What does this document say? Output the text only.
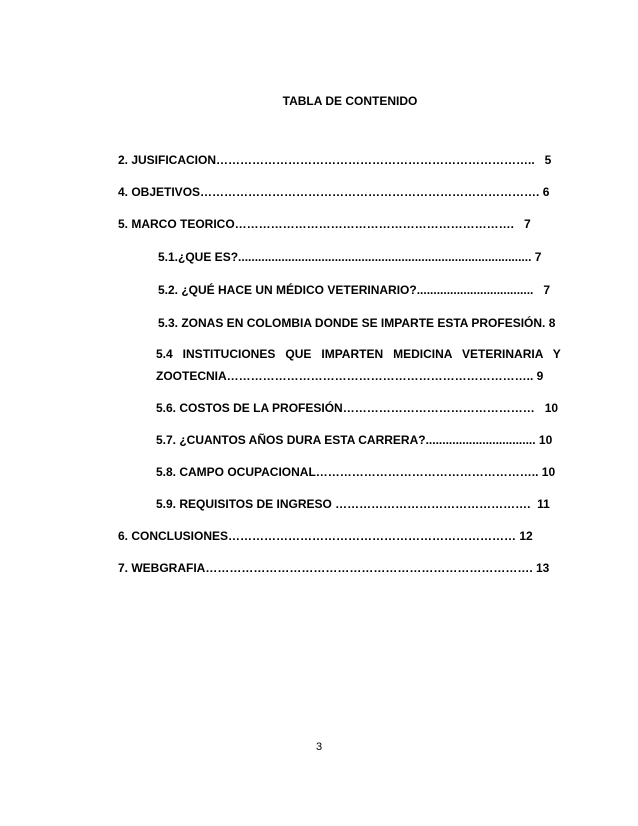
TABLA DE CONTENIDO
2. JUSIFICACION……………………………………………………………………..   5
4. OBJETIVOS…………………………………………………………………………. 6
5. MARCO TEORICO…………………………………………………………….   7
5.1.¿QUE ES?........................................................................................ 7
5.2. ¿QUÉ HACE UN MÉDICO VETERINARIO?...................................   7
5.3. ZONAS EN COLOMBIA DONDE SE IMPARTE ESTA PROFESIÓN. 8
5.4   INSTITUCIONES   QUE   IMPARTEN   MEDICINA   VETERINARIA   Y
ZOOTECNIA………………………………………………………………….. 9
5.6. COSTOS DE LA PROFESIÓN…………………………………………   10
5.7. ¿CUANTOS AÑOS DURA ESTA CARRERA?................................. 10
5.8. CAMPO OCUPACIONAL……………………………………………….. 10
5.9. REQUISITOS DE INGRESO ………………………………………….  11
6. CONCLUSIONES……………………………………………………………… 12
7. WEBGRAFIA………………………………………………………………………. 13
3
